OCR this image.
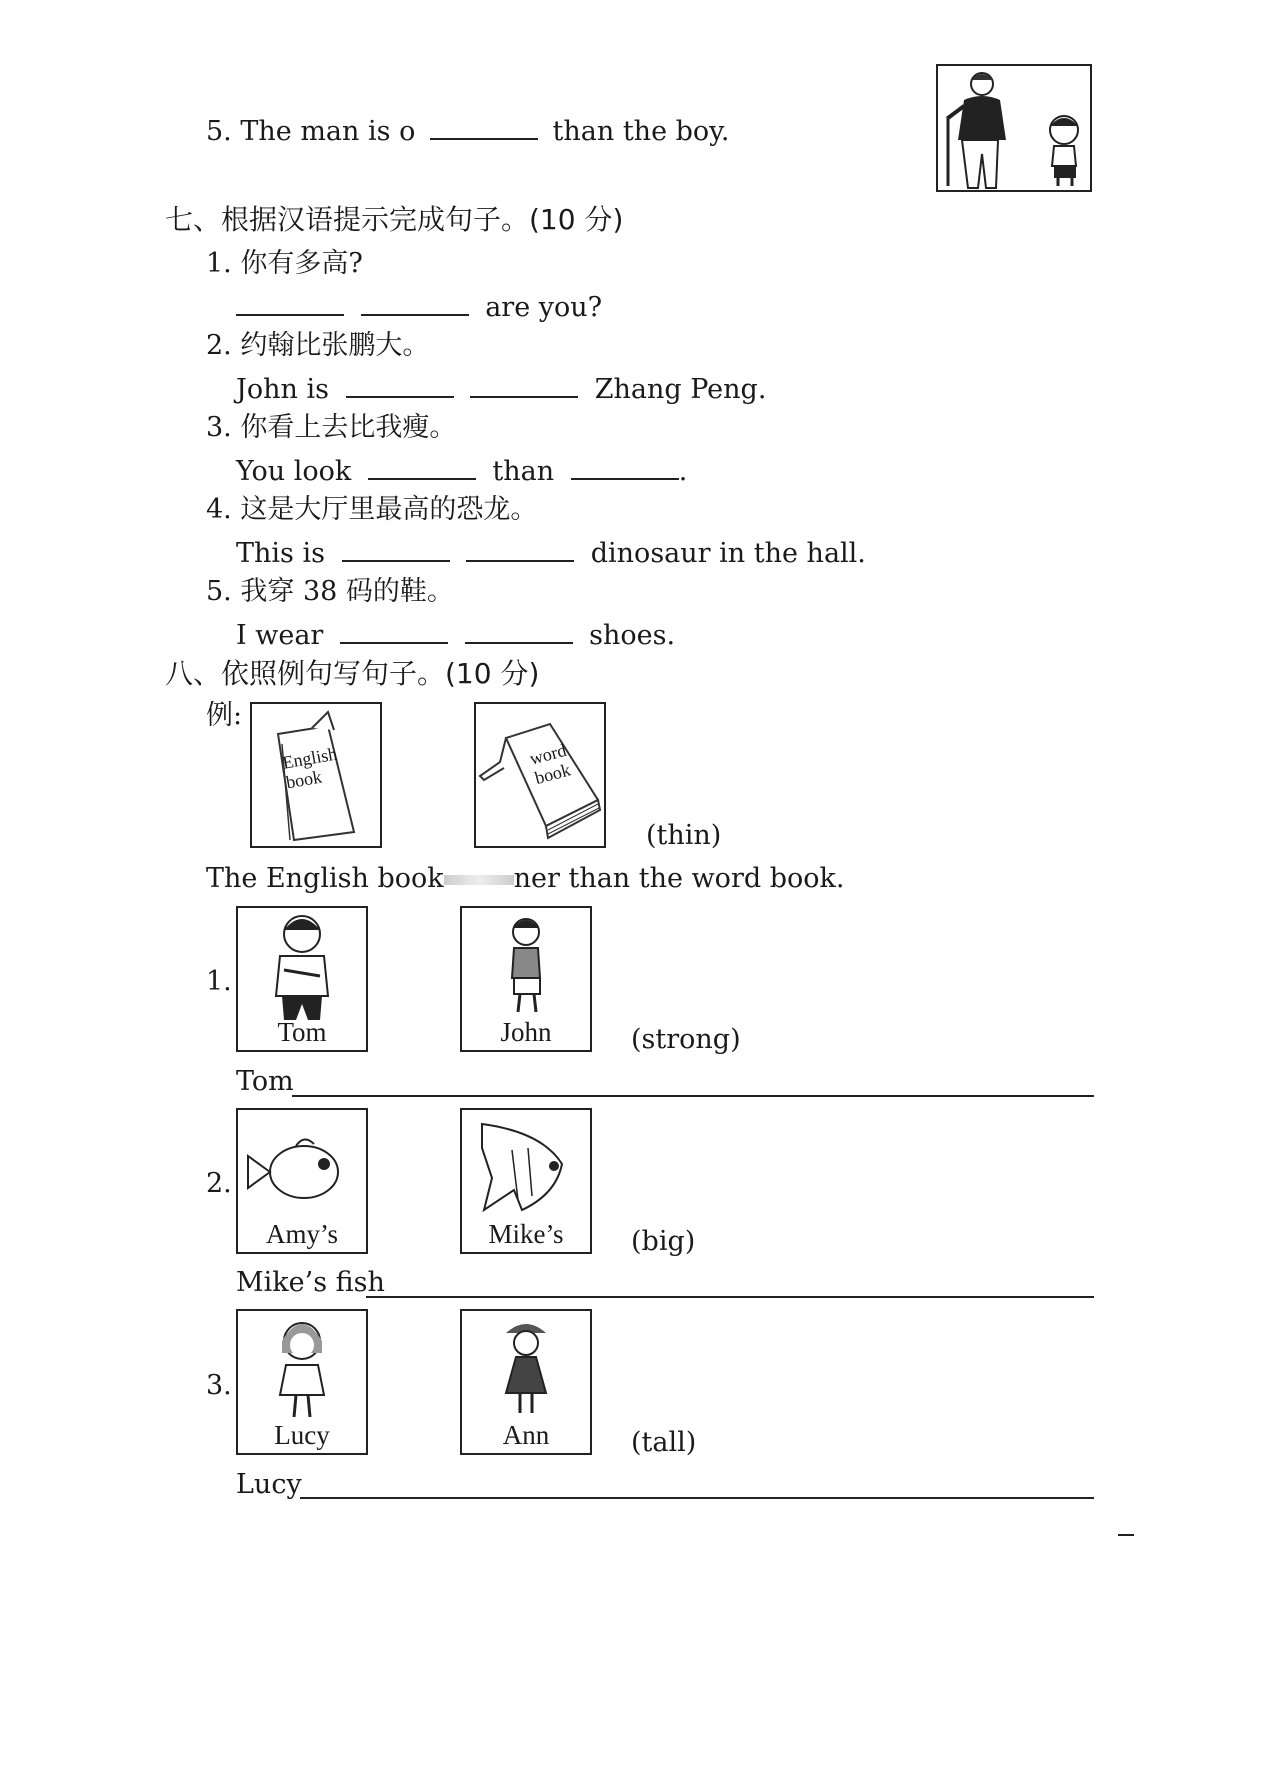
5. The man is o	than the boy.
七、根据汉语提示完成句子。(10 分)
1. 你有多高?
are you?
2. 约翰比张鹏大。
John is	Zhang Peng.
3. 你看上去比我瘦。
You look	than	.
4. 这是大厅里最高的恐龙。
This is	dinosaur in the hall.
5. 我穿 38 码的鞋。
I wear	shoes.
八、依照例句写句子。(10 分)
例:
English
book
word
book
(thin)
The English book	ner than the word book.
1.
Tom	John	(strong)
Tom
2.
Amy’s	Mike’s	(big)
Mike’s fish
3.
Lucy	Ann	(tall)
Lucy
